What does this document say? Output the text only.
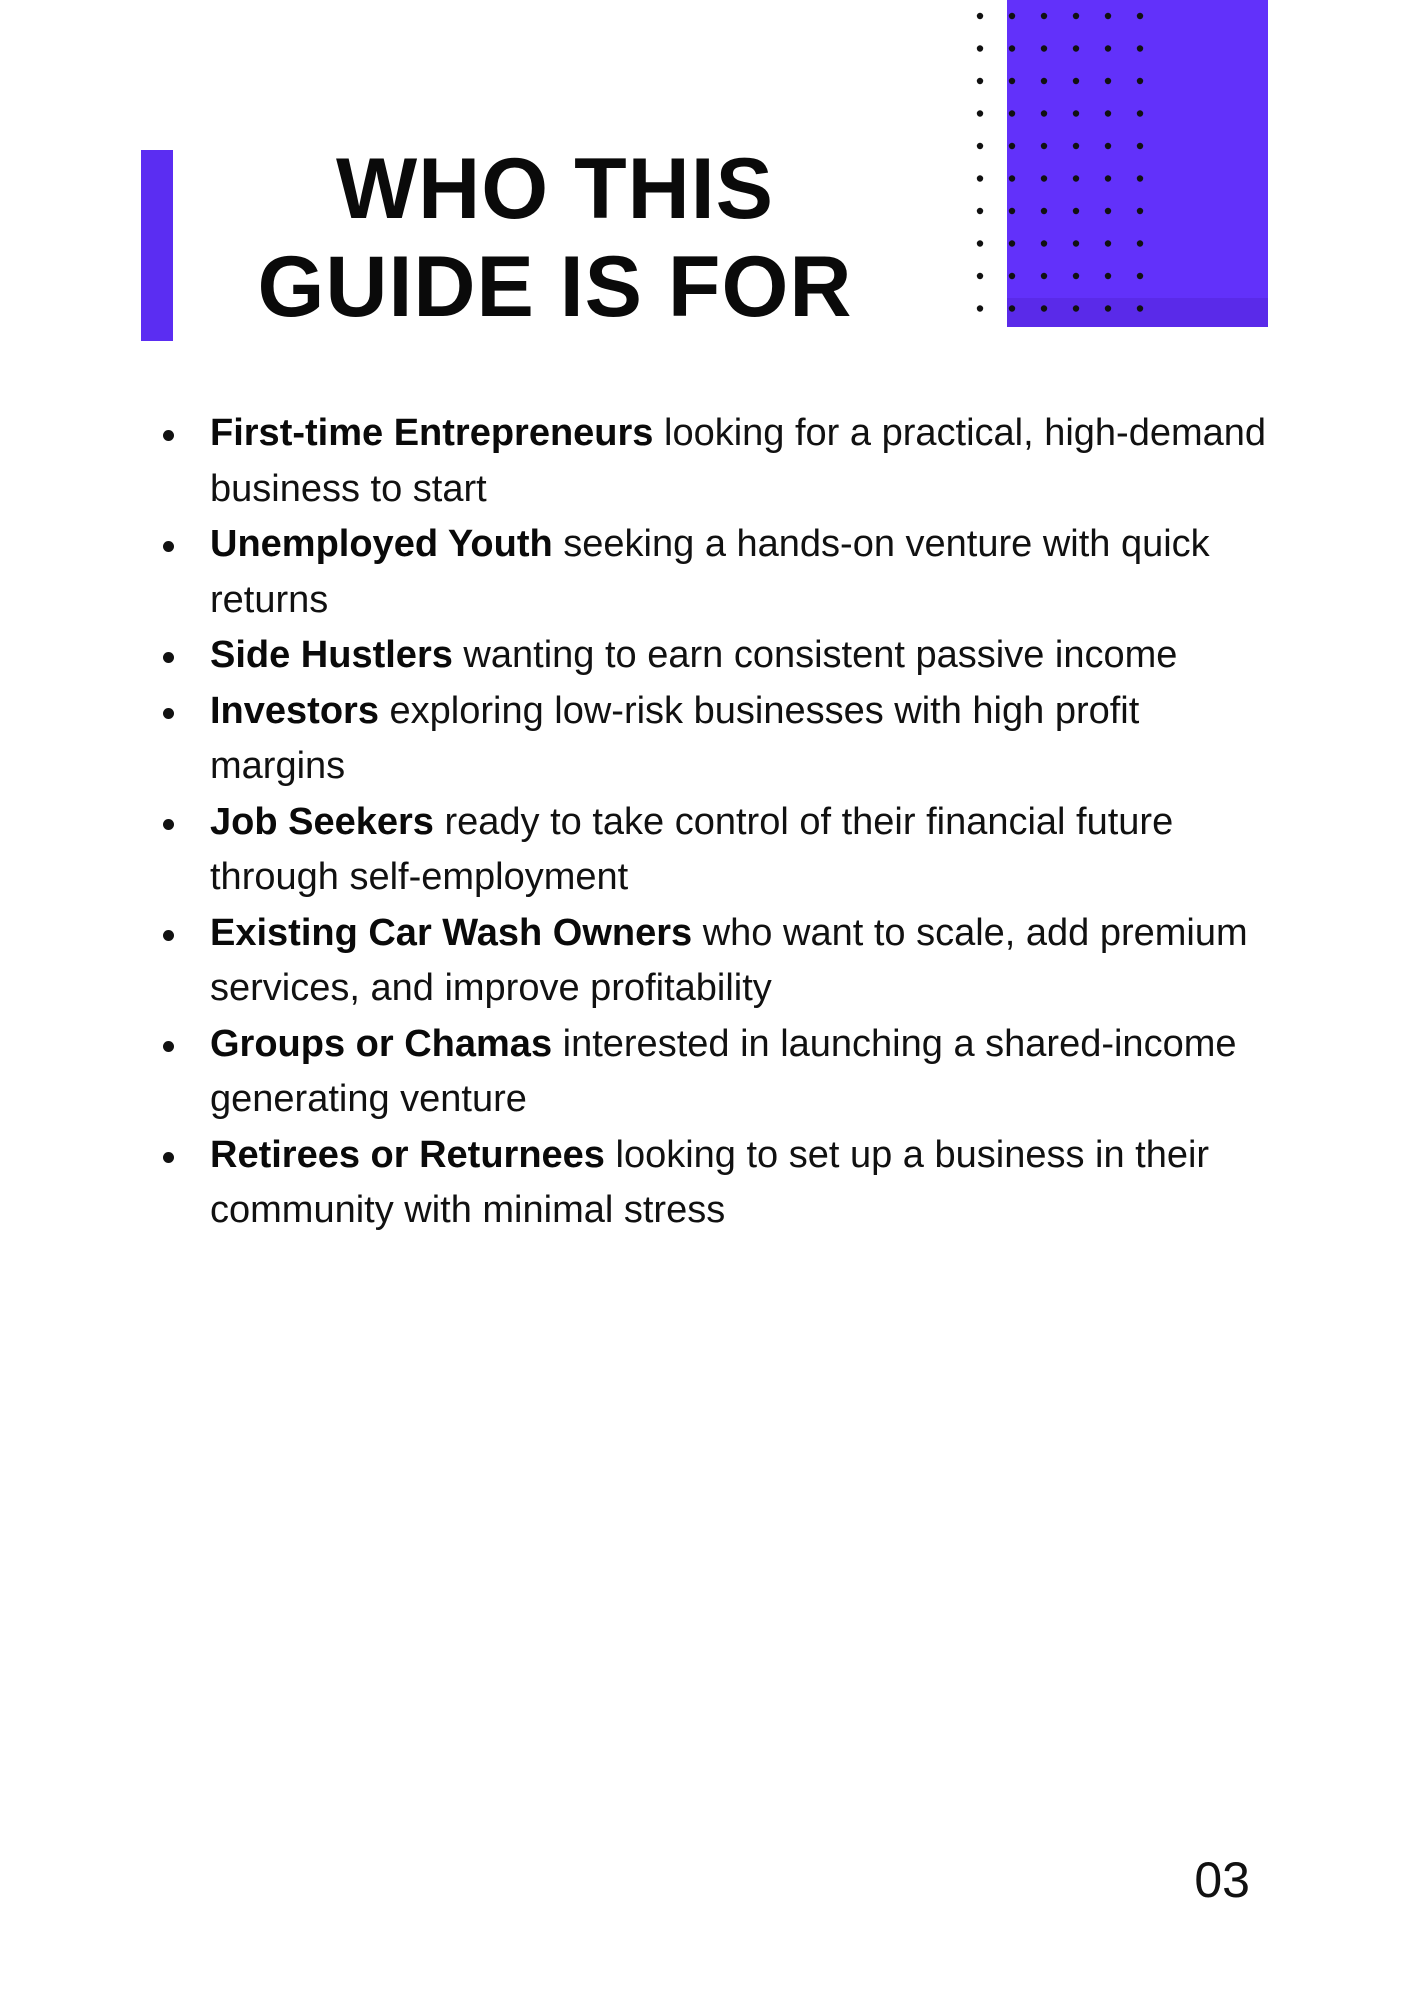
WHO THIS
GUIDE IS FOR
First-time Entrepreneurs looking for a practical, high-demand business to start
Unemployed Youth seeking a hands-on venture with quick returns
Side Hustlers wanting to earn consistent passive income
Investors exploring low-risk businesses with high profit margins
Job Seekers ready to take control of their financial future through self-employment
Existing Car Wash Owners who want to scale, add premium services, and improve profitability
Groups or Chamas interested in launching a shared-income generating venture
Retirees or Returnees looking to set up a business in their community with minimal stress
03
